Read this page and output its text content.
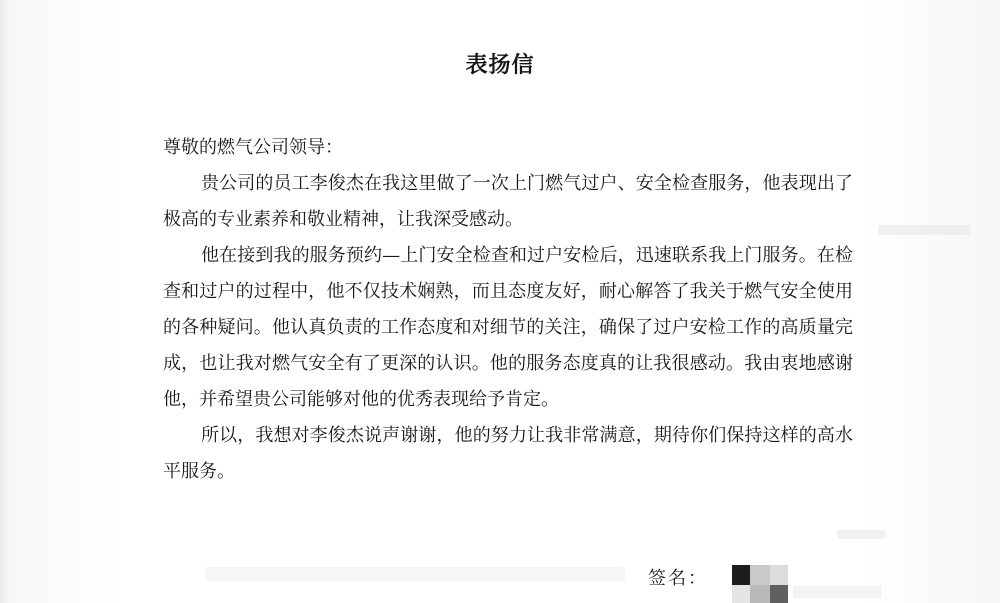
表扬信

尊敬的燃气公司领导：

贵公司的员工李俊杰在我这里做了一次上门燃气过户、安全检查服务，他表现出了极高的专业素养和敬业精神，让我深受感动。

他在接到我的服务预约—上门安全检查和过户安检后，迅速联系我上门服务。在检查和过户的过程中，他不仅技术娴熟，而且态度友好，耐心解答了我关于燃气安全使用的各种疑问。他认真负责的工作态度和对细节的关注，确保了过户安检工作的高质量完成，也让我对燃气安全有了更深的认识。他的服务态度真的让我很感动。我由衷地感谢他，并希望贵公司能够对他的优秀表现给予肯定。

所以，我想对李俊杰说声谢谢，他的努力让我非常满意，期待你们保持这样的高水平服务。

签名：
